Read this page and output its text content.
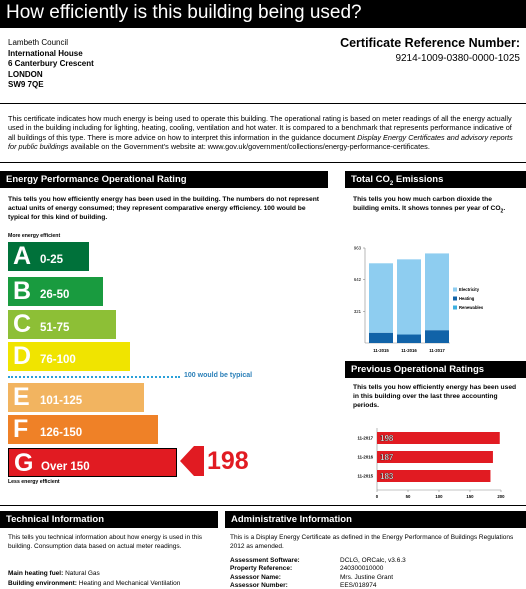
How efficiently is this building being used?
Lambeth Council
International House
6 Canterbury Crescent
LONDON
SW9 7QE
Certificate Reference Number:
9214-1009-0380-0000-1025
This certificate indicates how much energy is being used to operate this building. The operational rating is based on meter readings of all the energy actually used in the building including for lighting, heating, cooling, ventilation and hot water. It is compared to a benchmark that represents performance indicative of all buildings of this type. There is more advice on how to interpret this information in the guidance document Display Energy Certificates and advisory reports for public buildings available on the Government's website at: www.gov.uk/government/collections/energy-performance-certificates.
Energy Performance Operational Rating
This tells you how efficiently energy has been used in the building. The numbers do not represent actual units of energy consumed; they represent comparative energy efficiency. 100 would be typical for this kind of building.
More energy efficient
A 0-25
B 26-50
C 51-75
D 76-100
E 101-125
F 126-150
G Over 150
100 would be typical
198
Less energy efficient
Total $CO_2$ Emissions
This tells you how much carbon dioxide the building emits. It shows tonnes per year of $CO_2$.
321
642
963
11-2015	11-2016	11-2017
Electricity
Heating
Renewables
Previous Operational Ratings
This tells you how efficiently energy has been used in this building over the last three accounting periods.
0	50	100	150	200
11-2017 198
11-2016 187
11-2015 183
Technical Information
This tells you technical information about how energy is used in this building. Consumption data based on actual meter readings.
Main heating fuel: Natural Gas
Building environment: Heating and Mechanical Ventilation
Administrative Information
This is a Display Energy Certificate as defined in the Energy Performance of Buildings Regulations 2012 as amended.
Assessment Software:	DCLG, ORCalc, v3.6.3
Property Reference:	240300010000
Assessor Name:	Mrs. Justine Grant
Assessor Number:	EES/018974
